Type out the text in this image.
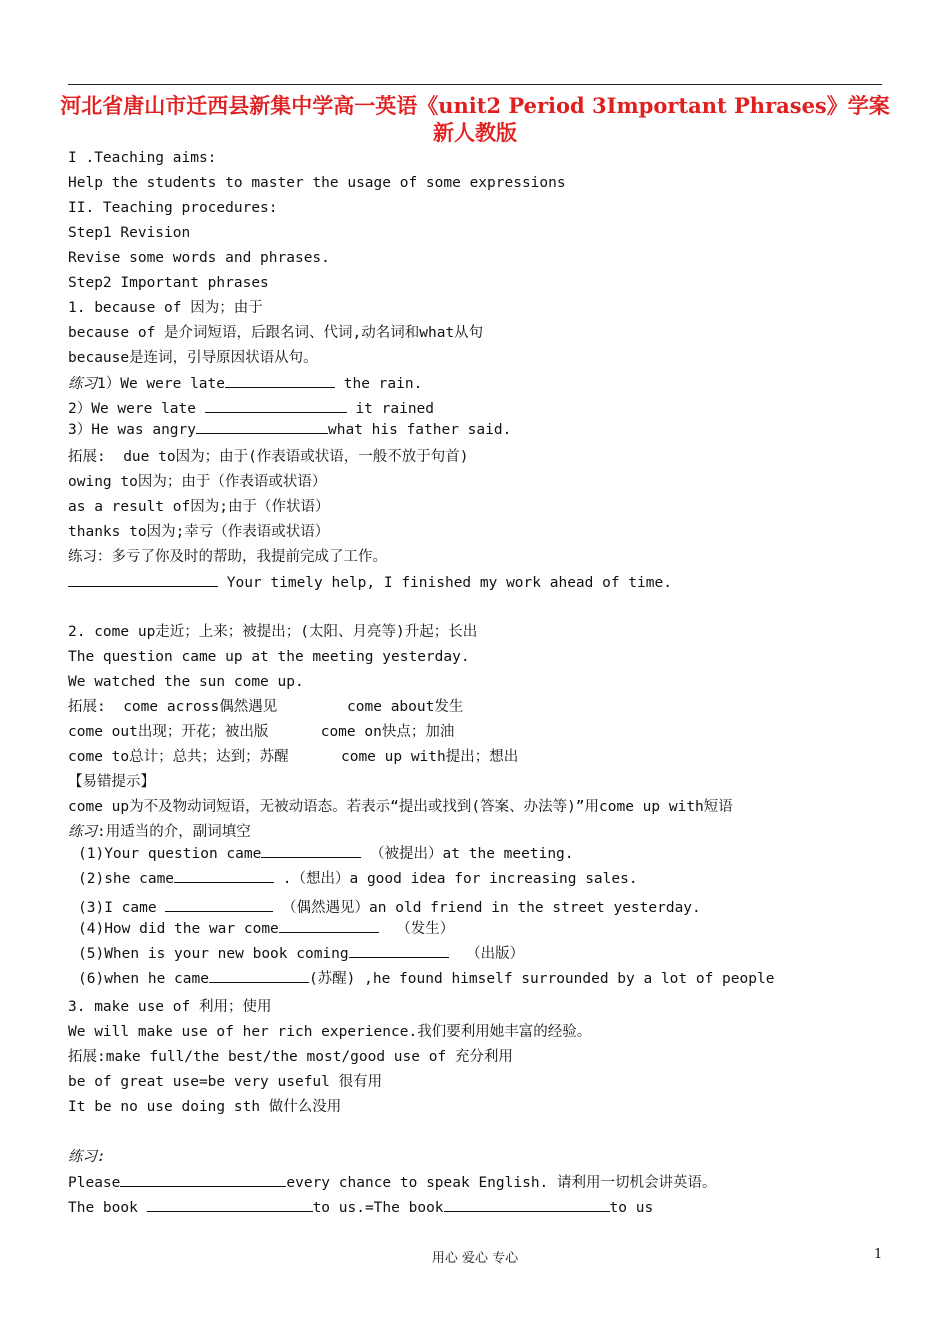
河北省唐山市迁西县新集中学高一英语《unit2 Period 3Important Phrases》学案新人教版
I .Teaching aims:
Help the students to master the usage of some expressions
II. Teaching procedures:
Step1 Revision
Revise some words and phrases.
Step2 Important phrases
1. because of 因为；由于
because of 是介词短语，后跟名词、代词,动名词和what从句
because是连词，引导原因状语从句。
练习1）We were late	the rain.
2）We were late	it rained
3）He was angry	what his father said.
拓展:  due to因为；由于(作表语或状语，一般不放于句首)
owing to因为；由于（作表语或状语）
as a result of因为;由于（作状语）
thanks to因为;幸亏（作表语或状语）
练习：多亏了你及时的帮助，我提前完成了工作。
Your timely help, I finished my work ahead of time.
2. come up走近；上来；被提出；(太阳、月亮等)升起；长出
The question came up at the meeting yesterday.
We watched the sun come up.
拓展:  come across偶然遇见        come about发生
come out出现；开花；被出版      come on快点；加油
come to总计；总共；达到；苏醒      come up with提出；想出
【易错提示】
come up为不及物动词短语，无被动语态。若表示“提出或找到(答案、办法等)”用come up with短语
练习:用适当的介，副词填空
(1)Your question came	（被提出）at the meeting.
(2)she came	.（想出）a good idea for increasing sales.
(3)I came	（偶然遇见）an old friend in the street yesterday.
(4)How did the war come	（发生）
(5)When is your new book coming	（出版）
(6)when he came	(苏醒) ,he found himself surrounded by a lot of people
3. make use of 利用；使用
We will make use of her rich experience.我们要利用她丰富的经验。
拓展:make full/the best/the most/good use of 充分利用
be of great use=be very useful 很有用
It be no use doing sth 做什么没用
练习:
Please	every chance to speak English. 请利用一切机会讲英语。
The book	to us.=The book	to us
用心 爱心 专心	1
